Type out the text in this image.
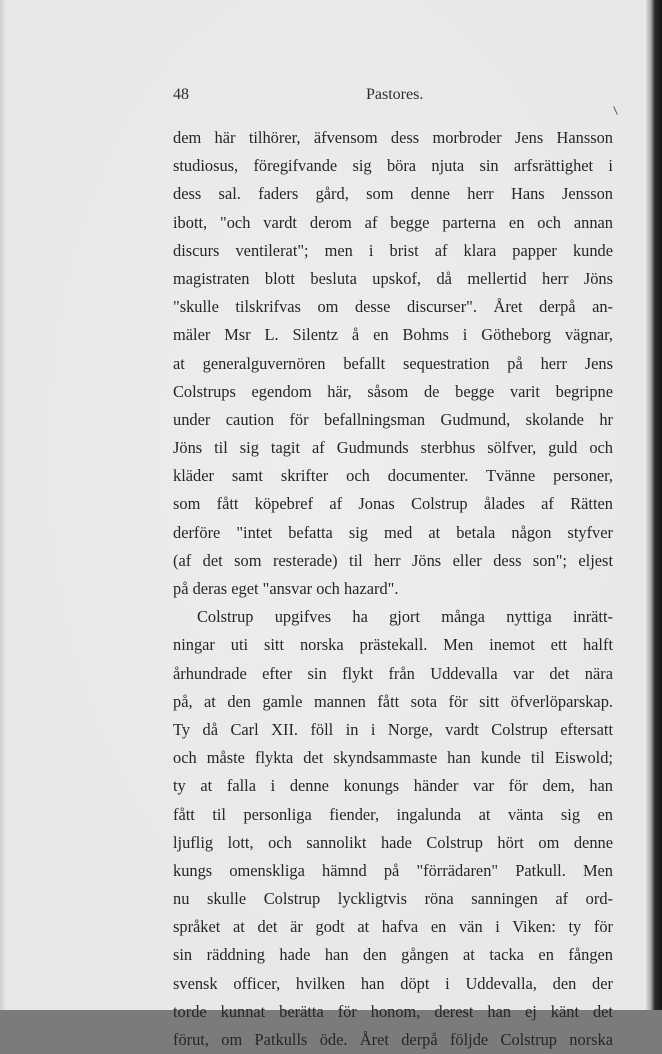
48	Pastores.
dem här tilhörer, äfvensom dess morbroder Jens Hansson
studiosus, föregifvande sig böra njuta sin arfsrättighet i
dess sal. faders gård, som denne herr Hans Jensson
ibott, "och vardt derom af begge parterna en och annan
discurs ventilerat"; men i brist af klara papper kunde
magistraten blott besluta upskof, då mellertid herr Jöns
"skulle tilskrifvas om desse discurser". Året derpå an-
mäler Msr L. Silentz å en Bohms i Götheborg vägnar,
at generalguvernören befallt sequestration på herr Jens
Colstrups egendom här, såsom de begge varit begripne
under caution för befallningsman Gudmund, skolande hr
Jöns til sig tagit af Gudmunds sterbhus sölfver, guld och
kläder samt skrifter och documenter. Tvänne personer,
som fått köpebref af Jonas Colstrup ålades af Rätten
derföre "intet befatta sig med at betala någon styfver
(af det som resterade) til herr Jöns eller dess son"; eljest
på deras eget "ansvar och hazard".
Colstrup upgifves ha gjort många nyttiga inrätt-
ningar uti sitt norska prästekall. Men inemot ett halft
århundrade efter sin flykt från Uddevalla var det nära
på, at den gamle mannen fått sota för sitt öfverlöparskap.
Ty då Carl XII. föll in i Norge, vardt Colstrup eftersatt
och måste flykta det skyndsammaste han kunde til Eiswold;
ty at falla i denne konungs händer var för dem, han
fått til personliga fiender, ingalunda at vänta sig en
ljuflig lott, och sannolikt hade Colstrup hört om denne
kungs omenskliga hämnd på "förrädaren" Patkull. Men
nu skulle Colstrup lyckligtvis röna sanningen af ord-
språket at det är godt at hafva en vän i Viken: ty för
sin räddning hade han den gången at tacka en fången
svensk officer, hvilken han döpt i Uddevalla, den der
torde kunnat berätta för honom, derest han ej känt det
förut, om Patkulls öde. Året derpå följde Colstrup norska
